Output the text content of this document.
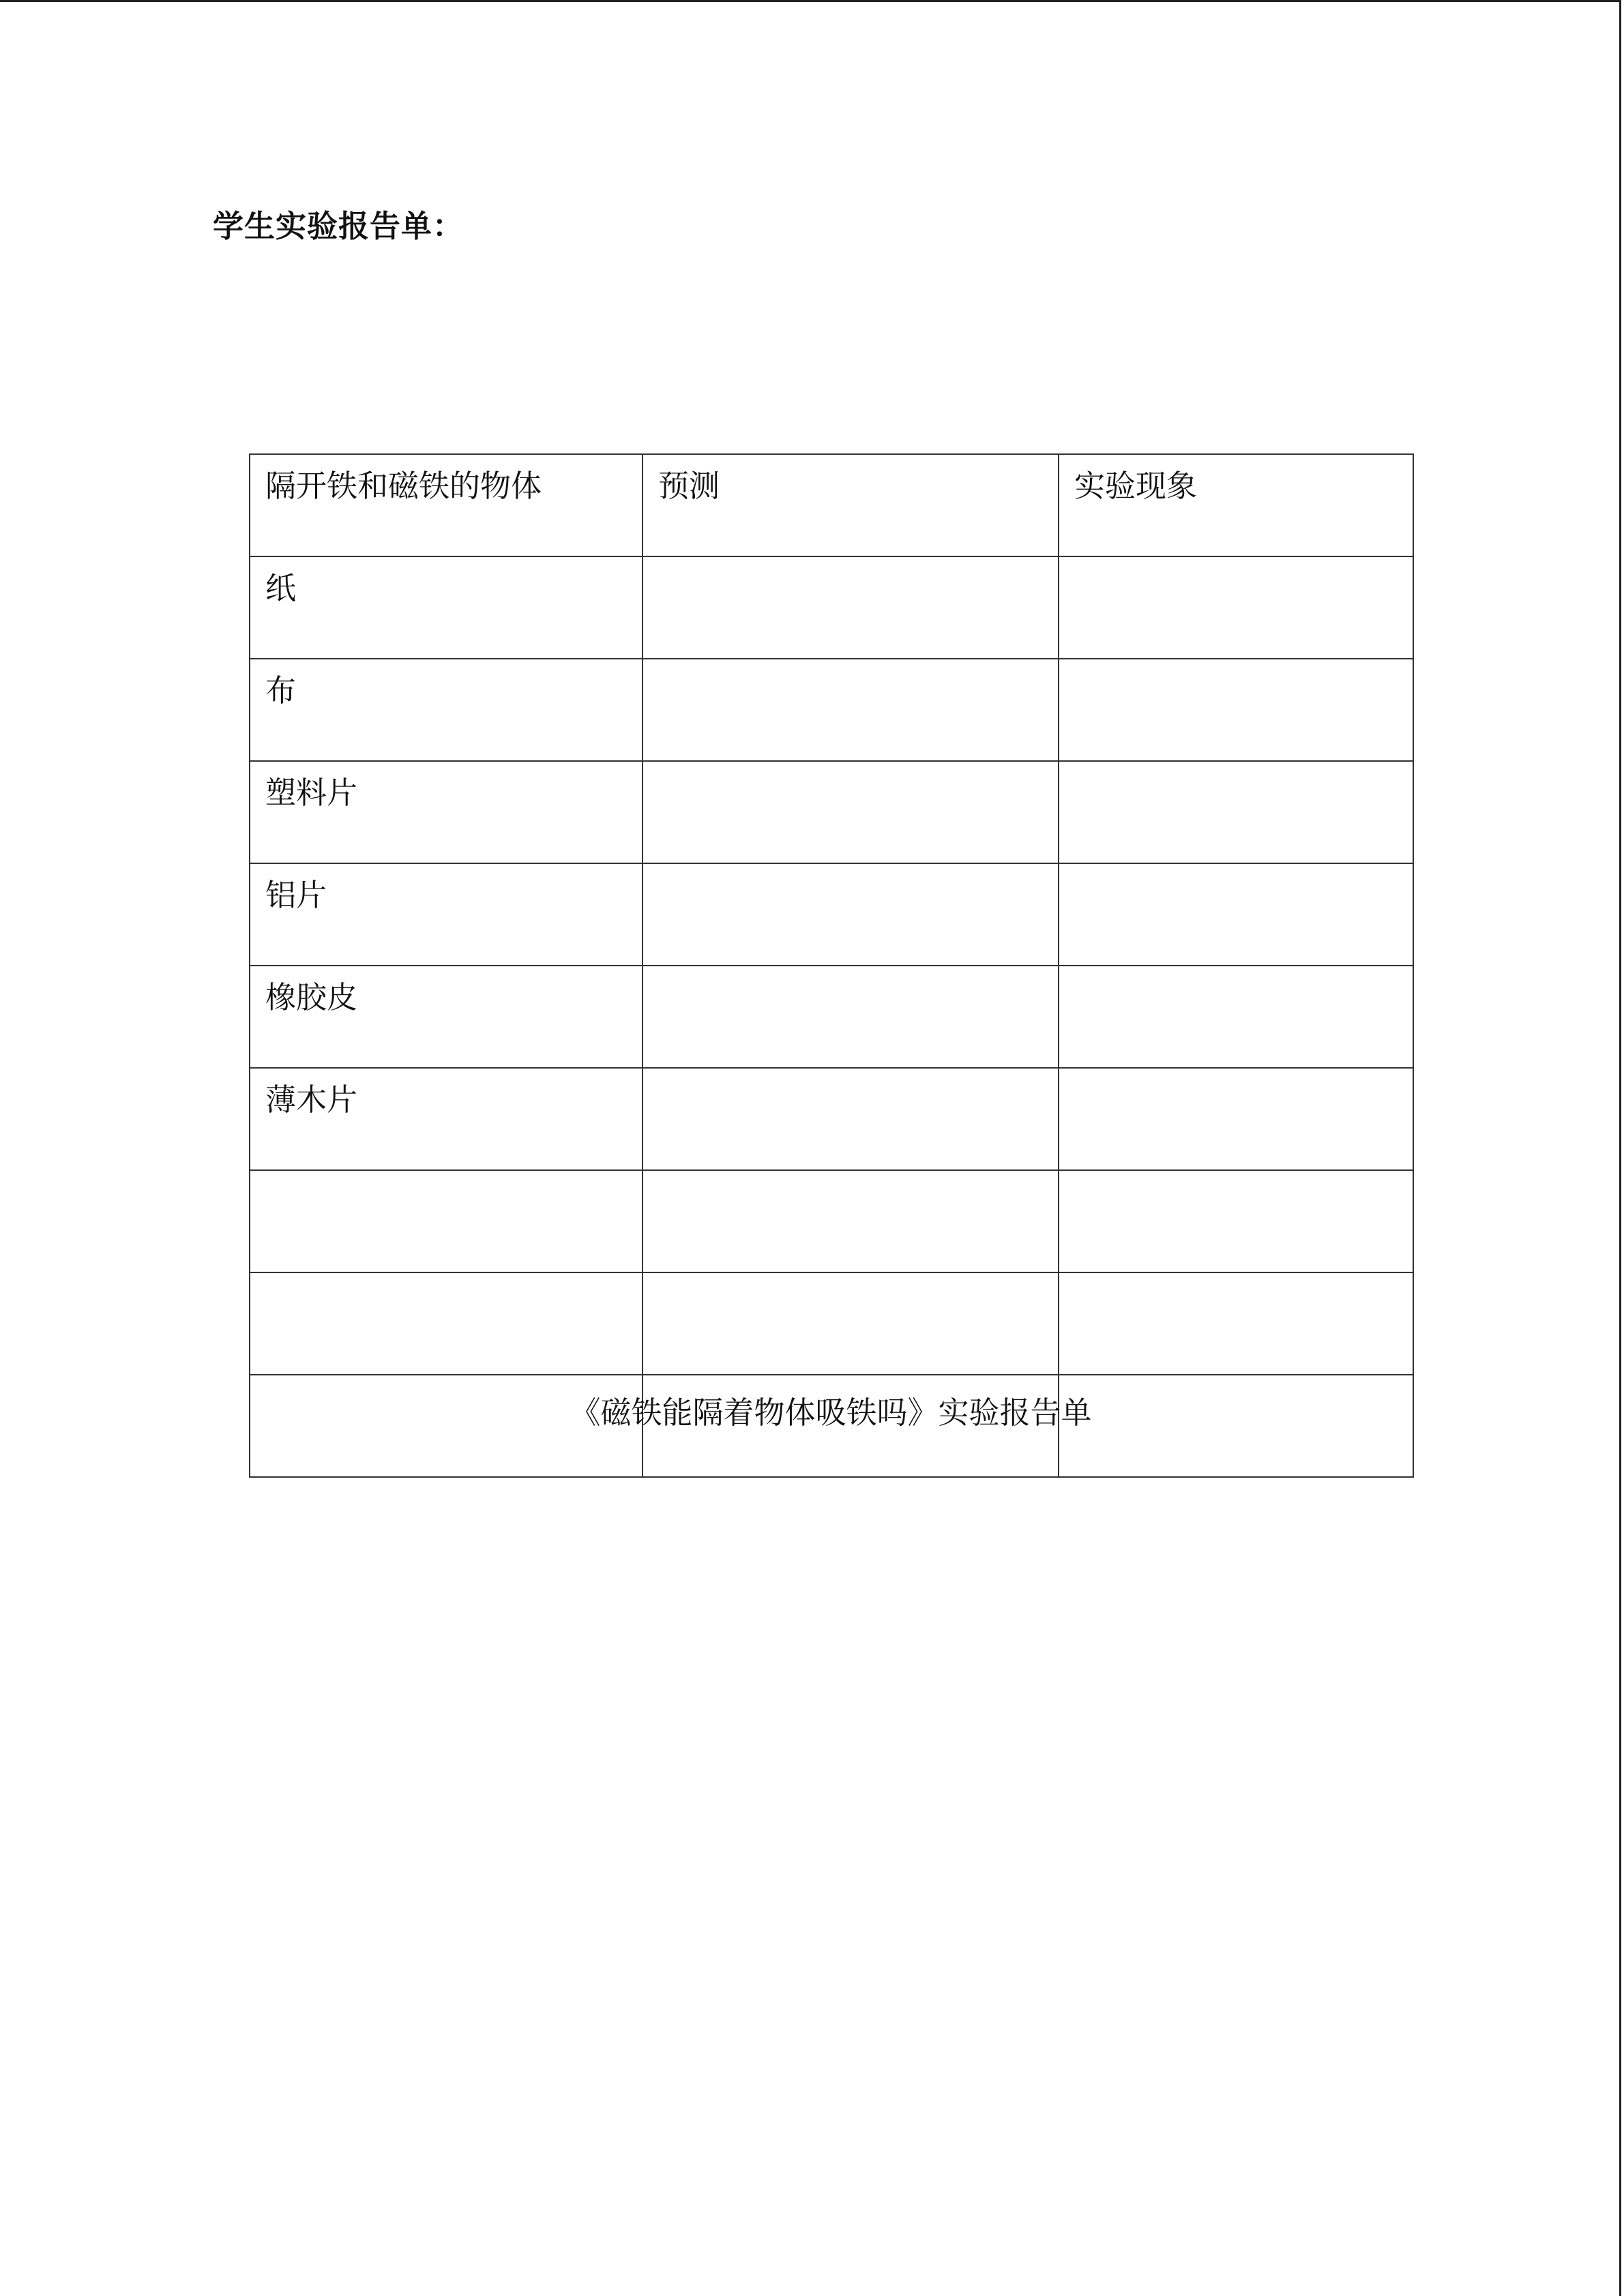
学生实验报告单：
隔开铁和磁铁的物体	预测	实验现象
纸		
布		
塑料片		
铝片		
橡胶皮		
薄木片		

《磁铁能隔着物体吸铁吗》实验报告单
